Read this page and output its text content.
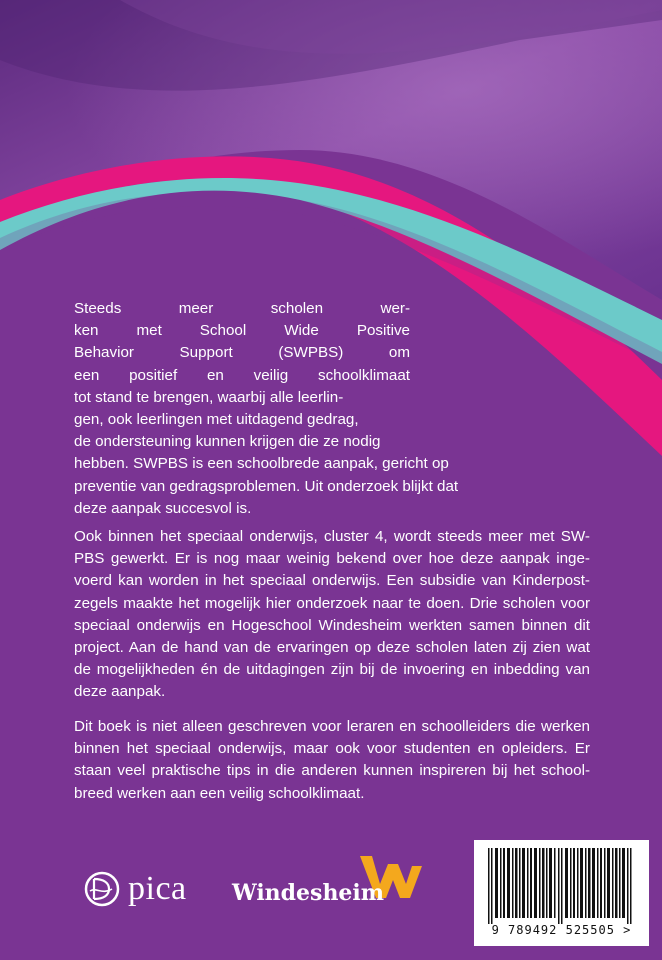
Steeds meer scholen wer-
ken met School Wide Positive
Behavior Support (SWPBS) om
een positief en veilig schoolklimaat
tot stand te brengen, waarbij alle leerlin-
gen, ook leerlingen met uitdagend gedrag,
de ondersteuning kunnen krijgen die ze nodig
hebben. SWPBS is een schoolbrede aanpak, gericht op
preventie van gedragsproblemen. Uit onderzoek blijkt dat
deze aanpak succesvol is.
Ook binnen het speciaal onderwijs, cluster 4, wordt steeds meer met SW-
PBS gewerkt. Er is nog maar weinig bekend over hoe deze aanpak inge-
voerd kan worden in het speciaal onderwijs. Een subsidie van Kinderpost-
zegels maakte het mogelijk hier onderzoek naar te doen. Drie scholen voor
speciaal onderwijs en Hogeschool Windesheim werkten samen binnen dit
project. Aan de hand van de ervaringen op deze scholen laten zij zien wat
de mogelijkheden én de uitdagingen zijn bij de invoering en inbedding van
deze aanpak.
Dit boek is niet alleen geschreven voor leraren en schoolleiders die werken
binnen het speciaal onderwijs, maar ook voor studenten en opleiders. Er
staan veel praktische tips in die anderen kunnen inspireren bij het school-
breed werken aan een veilig schoolklimaat.
pica Windesheim
9 789492 525505 >
